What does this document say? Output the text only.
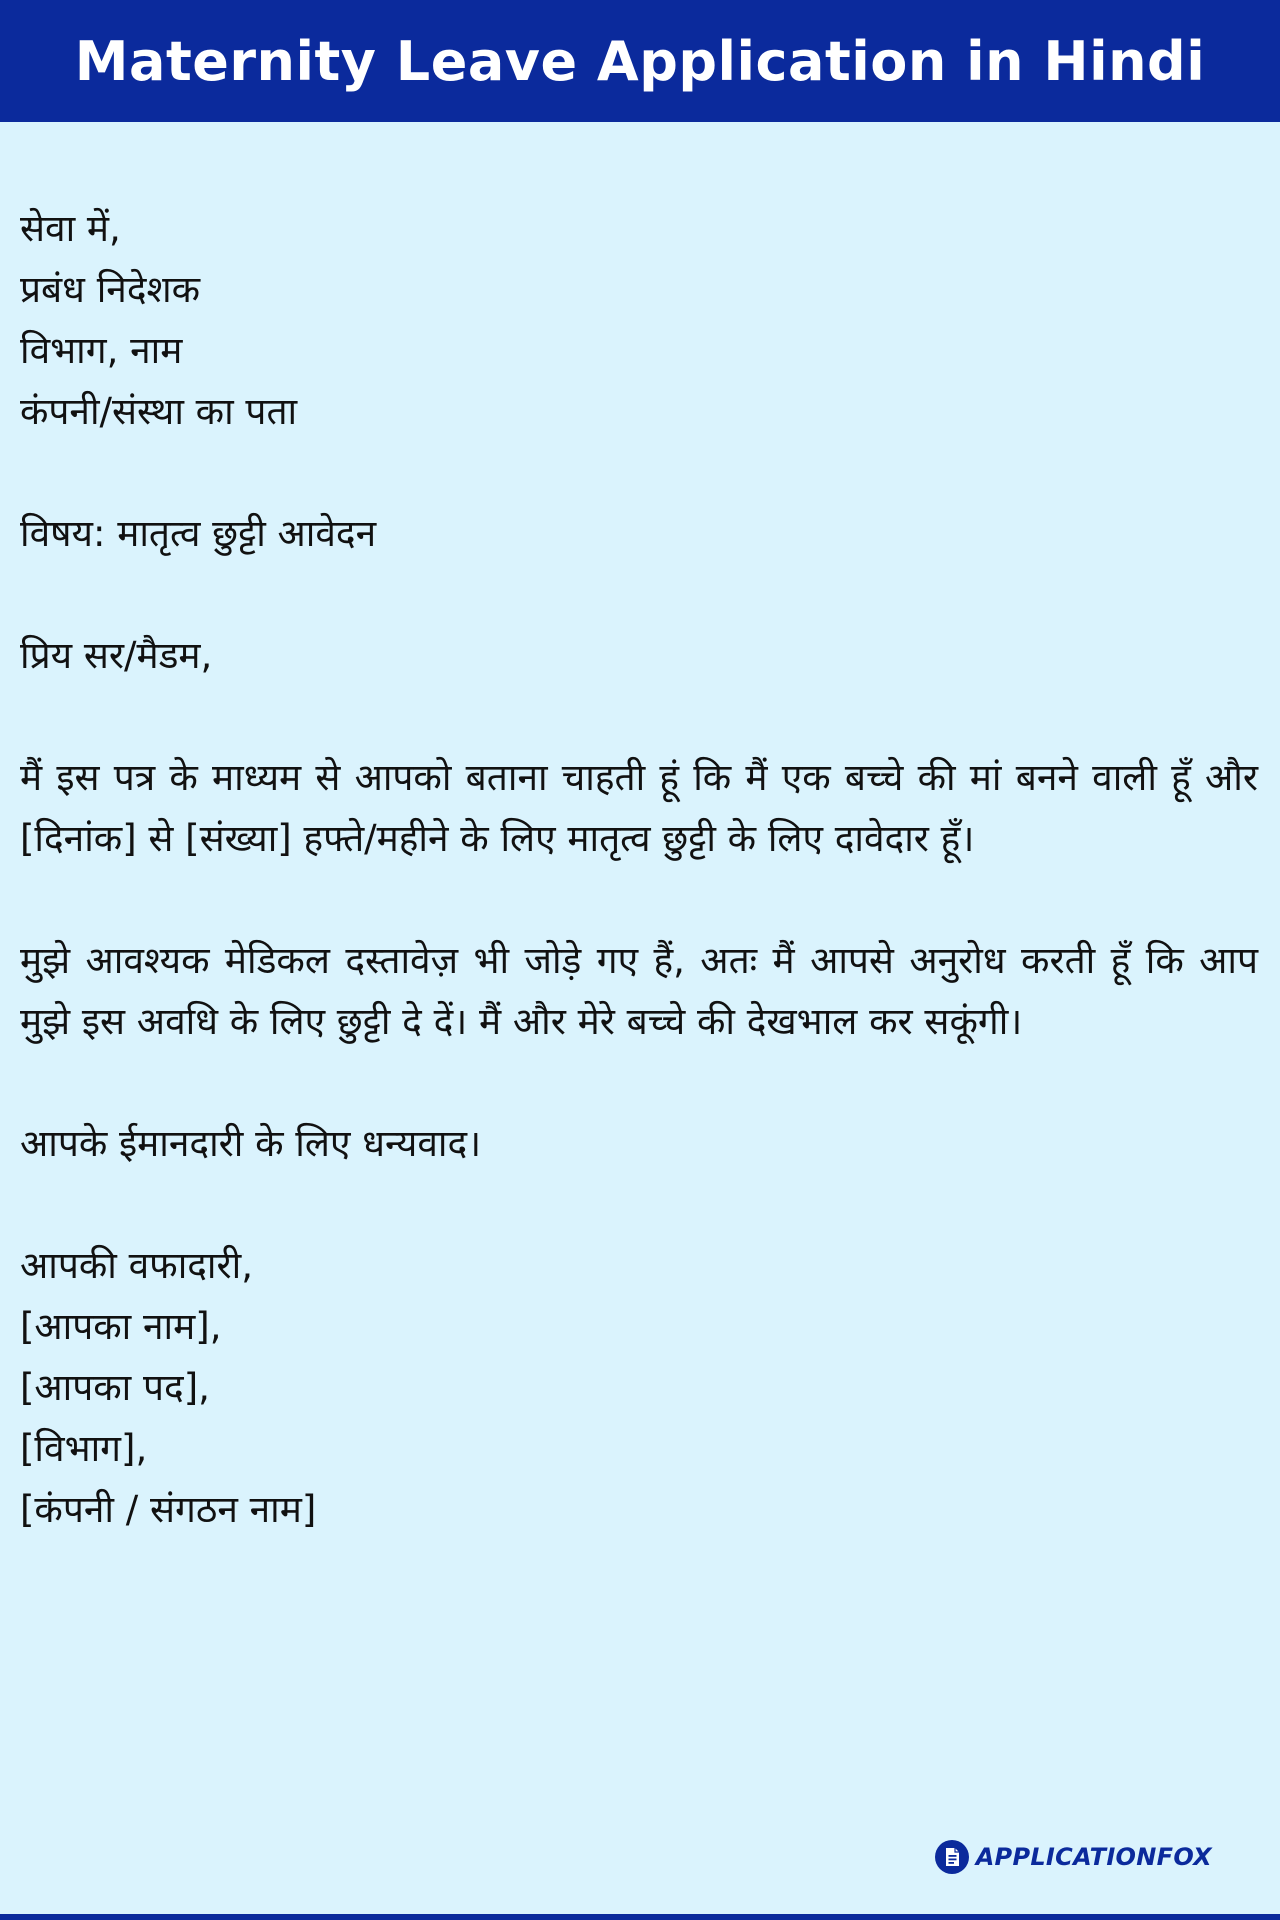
Maternity Leave Application in Hindi
सेवा में,
प्रबंध निदेशक
विभाग, नाम
कंपनी/संस्था का पता
विषय: मातृत्व छुट्टी आवेदन
प्रिय सर/मैडम,
मैं इस पत्र के माध्यम से आपको बताना चाहती हूं कि मैं एक बच्चे की मां बनने वाली हूँ और [दिनांक] से [संख्या] हफ्ते/महीने के लिए मातृत्व छुट्टी के लिए दावेदार हूँ।
मुझे आवश्यक मेडिकल दस्तावेज़ भी जोड़े गए हैं, अतः मैं आपसे अनुरोध करती हूँ कि आप मुझे इस अवधि के लिए छुट्टी दे दें। मैं और मेरे बच्चे की देखभाल कर सकूंगी।
आपके ईमानदारी के लिए धन्यवाद।
आपकी वफादारी,
[आपका नाम],
[आपका पद],
[विभाग],
[कंपनी / संगठन नाम]
APPLICATIONFOX
